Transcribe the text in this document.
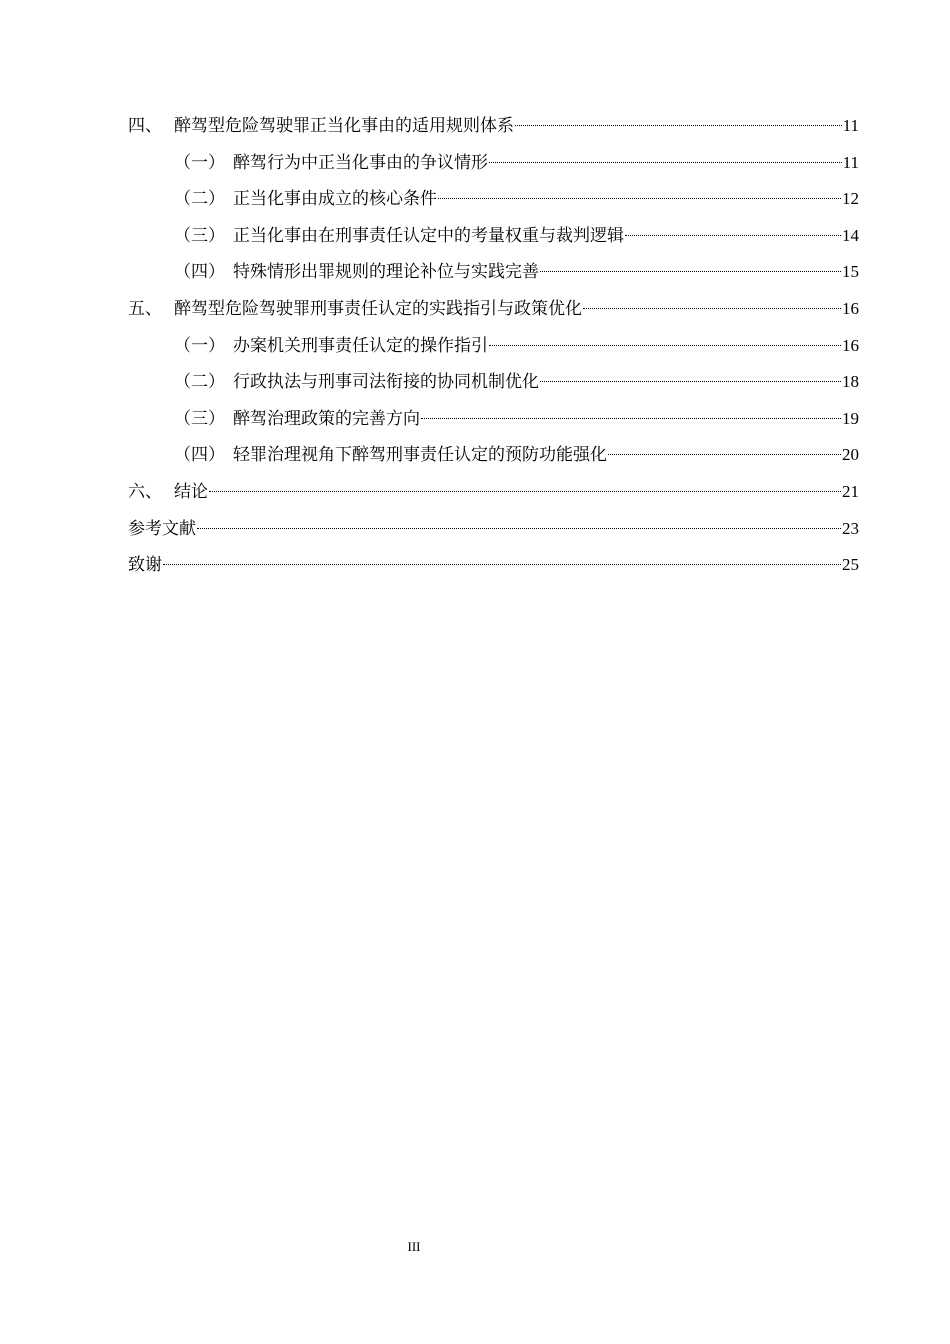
四、 醉驾型危险驾驶罪正当化事由的适用规则体系	11
（一） 醉驾行为中正当化事由的争议情形	11
（二） 正当化事由成立的核心条件	12
（三） 正当化事由在刑事责任认定中的考量权重与裁判逻辑	14
（四） 特殊情形出罪规则的理论补位与实践完善	15
五、 醉驾型危险驾驶罪刑事责任认定的实践指引与政策优化	16
（一） 办案机关刑事责任认定的操作指引	16
（二） 行政执法与刑事司法衔接的协同机制优化	18
（三） 醉驾治理政策的完善方向	19
（四） 轻罪治理视角下醉驾刑事责任认定的预防功能强化	20
六、 结论	21
参考文献	23
致谢	25
III
